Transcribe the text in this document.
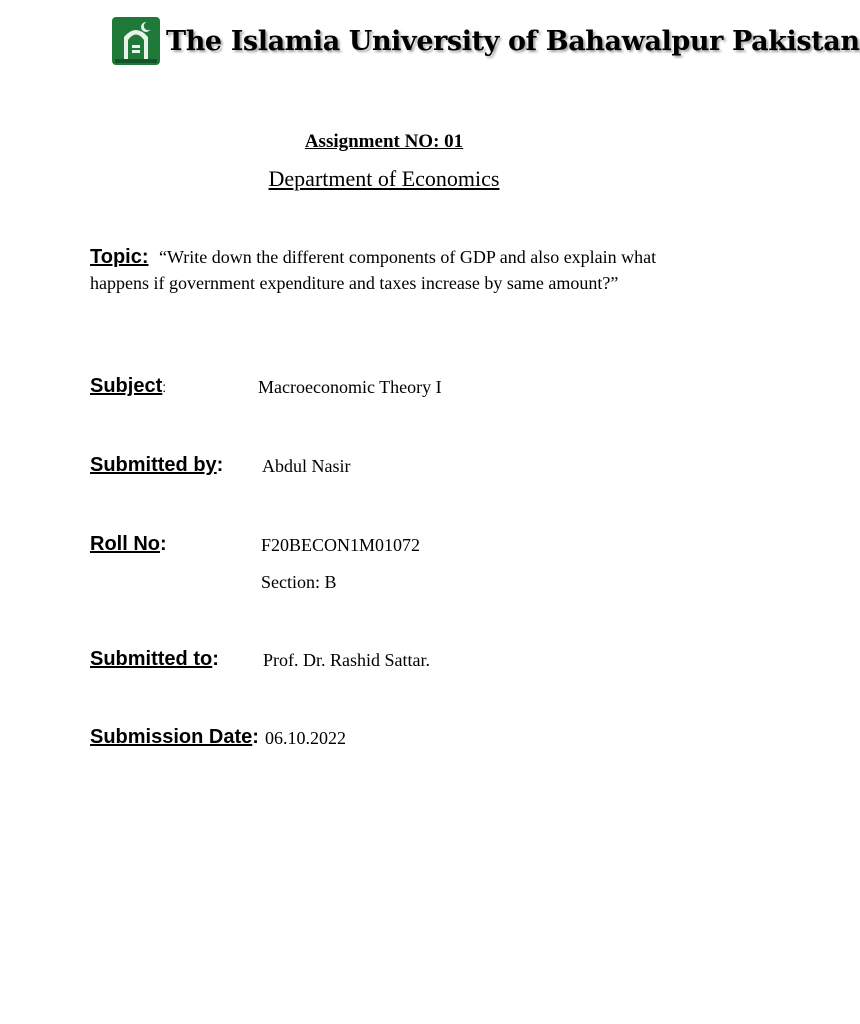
The Islamia University of Bahawalpur Pakistan
Assignment NO: 01
Department of Economics
Topic: “Write down the different components of GDP and also explain what happens if government expenditure and taxes increase by same amount?”
Subject:	Macroeconomic Theory I
Submitted by: Abdul Nasir
Roll No:	F20BECON1M01072
Section: B
Submitted to: Prof. Dr. Rashid Sattar.
Submission Date: 06.10.2022
